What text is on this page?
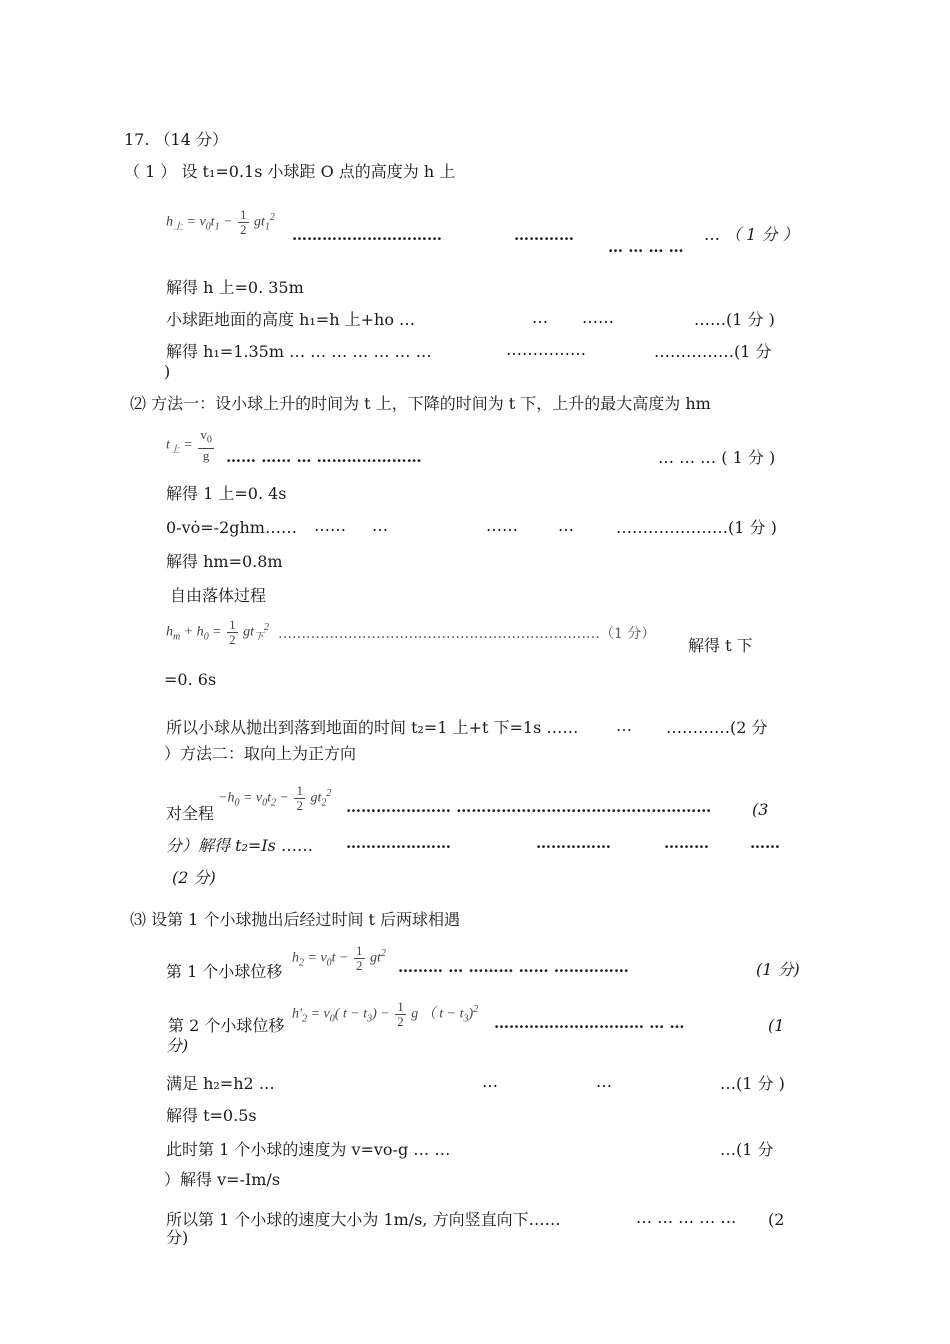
17. （14 分）
（ 1 ） 设 t₁=0.1s 小球距 O 点的高度为 h 上
$h_上 = v_0t_1 - \frac{1}{2} gt_1^2$
…………………………	…………
… … … …
… （ 1 分 ）
解得 h 上=0. 35m
小球距地面的高度 h₁=h 上+ho …	… ……	……(1 分 )
解得 h₁=1.35m … … … … … … …	……………	……………(1 分
)
⑵ 方法一：设小球上升的时间为 t 上，下降的时间为 t 下，上升的最大高度为 hm
$t_上 = \frac{v_0}{g}$ …… …… … …………………	… … … ( 1 分 )
解得 1 上=0. 4s
0-vȯ=-2ghm…… …… …	……	…	…………………(1 分 )
解得 hm=0.8m
自由落体过程
$h_m + h_0 = \frac{1}{2} gt_下^2$ ……………………………………………………………（1 分）
解得 t 下
=0. 6s
所以小球从抛出到落到地面的时间 t₂=1 上+t 下=1s …… … …………(2 分
）方法二：取向上为正方向
$-h_0 = v_0t_2 - \frac{1}{2} gt_2^2$
对全程	………………… ……………………………………………	(3
分）解得 t₂=Is …… …………………	……………	………	……
(2 分)
⑶ 设第 1 个小球抛出后经过时间 t 后两球相遇
第 1 个小球位移
$h_2 = v_0t - \frac{1}{2} gt^2$
……… … ……… …… ……………	(1 分)
$h'_2 = v_0$( $t - t_3) - \frac{1}{2}$ g （ $t - t_3)^2$
第 2 个小球位移	………………………… … …	(1
分)
满足 h₂=h2 …	…	…	…(1 分 )
解得 t=0.5s
此时第 1 个小球的速度为 v=vo-g … …	…(1 分
）解得 v=-Im/s
所以第 1 个小球的速度大小为 1m/s, 方向竖直向下……	… … … … … (2
分)
